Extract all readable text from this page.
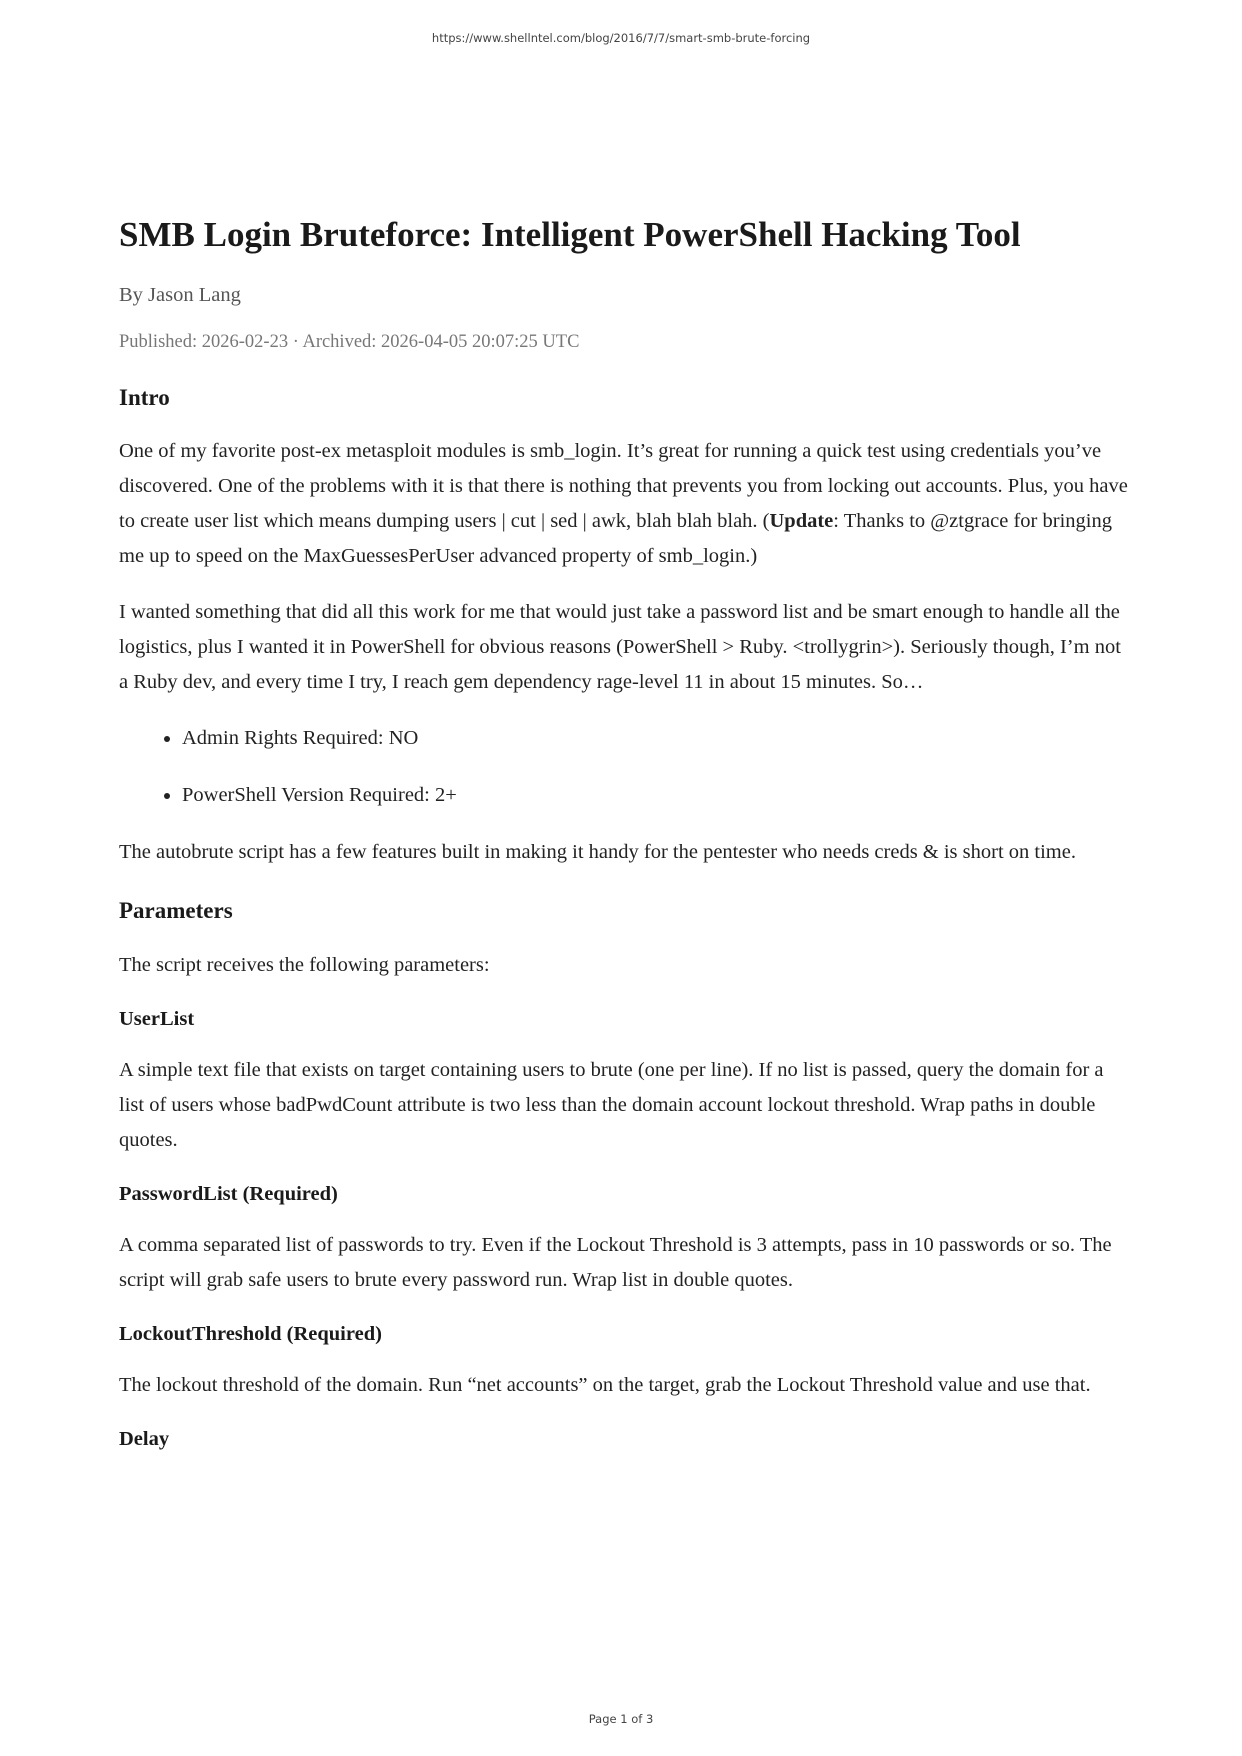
https://www.shellntel.com/blog/2016/7/7/smart-smb-brute-forcing
SMB Login Bruteforce: Intelligent PowerShell Hacking Tool
By Jason Lang
Published: 2026-02-23 · Archived: 2026-04-05 20:07:25 UTC
Intro

One of my favorite post-ex metasploit modules is smb_login. It’s great for running a quick test using credentials you’ve discovered. One of the problems with it is that there is nothing that prevents you from locking out accounts. Plus, you have to create user list which means dumping users | cut | sed | awk, blah blah blah. (Update: Thanks to @ztgrace for bringing me up to speed on the MaxGuessesPerUser advanced property of smb_login.)

I wanted something that did all this work for me that would just take a password list and be smart enough to handle all the logistics, plus I wanted it in PowerShell for obvious reasons (PowerShell > Ruby. <trollygrin>). Seriously though, I’m not a Ruby dev, and every time I try, I reach gem dependency rage-level 11 in about 15 minutes. So…

• Admin Rights Required: NO
• PowerShell Version Required: 2+

The autobrute script has a few features built in making it handy for the pentester who needs creds & is short on time.

Parameters

The script receives the following parameters:

UserList

A simple text file that exists on target containing users to brute (one per line). If no list is passed, query the domain for a list of users whose badPwdCount attribute is two less than the domain account lockout threshold. Wrap paths in double quotes.

PasswordList (Required)

A comma separated list of passwords to try. Even if the Lockout Threshold is 3 attempts, pass in 10 passwords or so. The script will grab safe users to brute every password run. Wrap list in double quotes.

LockoutThreshold (Required)

The lockout threshold of the domain. Run “net accounts” on the target, grab the Lockout Threshold value and use that.

Delay
Page 1 of 3
